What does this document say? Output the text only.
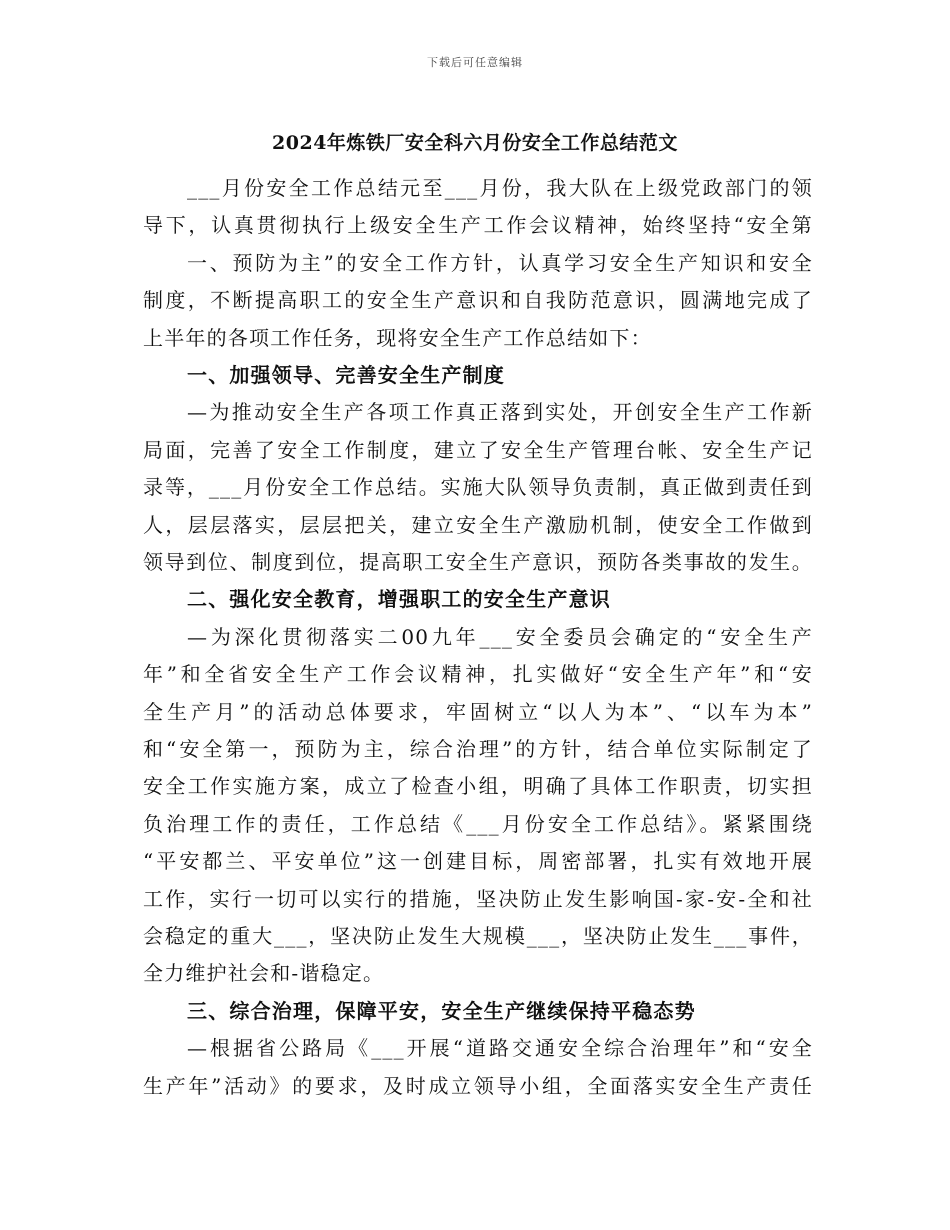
下载后可任意编辑
2024年炼铁厂安全科六月份安全工作总结范文
___月份安全工作总结元至___月份，我大队在上级党政部门的领
导下，认真贯彻执行上级安全生产工作会议精神，始终坚持“安全第
一、预防为主”的安全工作方针，认真学习安全生产知识和安全
制度，不断提高职工的安全生产意识和自我防范意识，圆满地完成了
上半年的各项工作任务，现将安全生产工作总结如下：
一、加强领导、完善安全生产制度
—为推动安全生产各项工作真正落到实处，开创安全生产工作新
局面，完善了安全工作制度，建立了安全生产管理台帐、安全生产记
录等，___月份安全工作总结。实施大队领导负责制，真正做到责任到
人，层层落实，层层把关，建立安全生产激励机制，使安全工作做到
领导到位、制度到位，提高职工安全生产意识，预防各类事故的发生。
二、强化安全教育，增强职工的安全生产意识
—为深化贯彻落实二00九年___安全委员会确定的“安全生产
年”和全省安全生产工作会议精神，扎实做好“安全生产年”和“安
全生产月”的活动总体要求，牢固树立“以人为本”、“以车为本”
和“安全第一，预防为主，综合治理”的方针，结合单位实际制定了
安全工作实施方案，成立了检查小组，明确了具体工作职责，切实担
负治理工作的责任，工作总结《___月份安全工作总结》。紧紧围绕
“平安都兰、平安单位”这一创建目标，周密部署，扎实有效地开展
工作，实行一切可以实行的措施，坚决防止发生影响国-家-安-全和社
会稳定的重大___，坚决防止发生大规模___，坚决防止发生___事件，
全力维护社会和-谐稳定。
三、综合治理，保障平安，安全生产继续保持平稳态势
—根据省公路局《___开展“道路交通安全综合治理年”和“安全
生产年”活动》的要求，及时成立领导小组，全面落实安全生产责任
